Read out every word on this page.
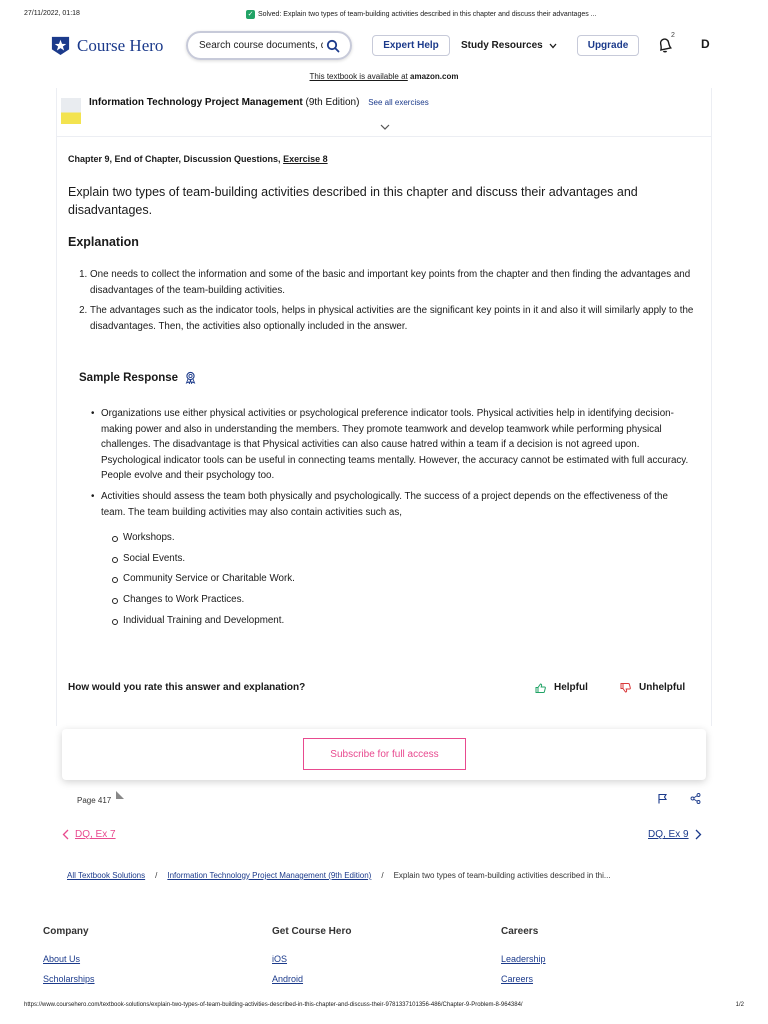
27/11/2022, 01:18	✓ Solved: Explain two types of team-building activities described in this chapter and discuss their advantages ...
Course Hero
Search course documents, q	Expert Help	Study Resources	Upgrade
2
D
This textbook is available at amazon.com
Information Technology Project Management (9th Edition) See all exercises
Chapter 9, End of Chapter, Discussion Questions, Exercise 8
Explain two types of team-building activities described in this chapter and discuss their advantages and disadvantages.
Explanation
1. One needs to collect the information and some of the basic and important key points from the chapter and then finding the advantages and disadvantages of the team-building activities.
2. The advantages such as the indicator tools, helps in physical activities are the significant key points in it and also it will similarly apply to the disadvantages. Then, the activities also optionally included in the answer.
Sample Response
• Organizations use either physical activities or psychological preference indicator tools. Physical activities help in identifying decision-making power and also in understanding the members. They promote teamwork and develop teamwork while performing physical challenges. The disadvantage is that Physical activities can also cause hatred within a team if a decision is not agreed upon. Psychological indicator tools can be useful in connecting teams mentally. However, the accuracy cannot be estimated with full accuracy. People evolve and their psychology too.
• Activities should assess the team both physically and psychologically. The success of a project depends on the effectiveness of the team. The team building activities may also contain activities such as,
Workshops.
Social Events.
Community Service or Charitable Work.
Changes to Work Practices.
Individual Training and Development.
How would you rate this answer and explanation?	Helpful	Unhelpful
Subscribe for full access
Page 417
DQ, Ex 7	DQ, Ex 9
All Textbook Solutions / Information Technology Project Management (9th Edition) / Explain two types of team-building activities described in thi...
Company
About Us
Scholarships
Get Course Hero
iOS
Android
Careers
Leadership
Careers
https://www.coursehero.com/textbook-solutions/explain-two-types-of-team-building-activities-described-in-this-chapter-and-discuss-their-9781337101356-486/Chapter-9-Problem-8-964384/	1/2
